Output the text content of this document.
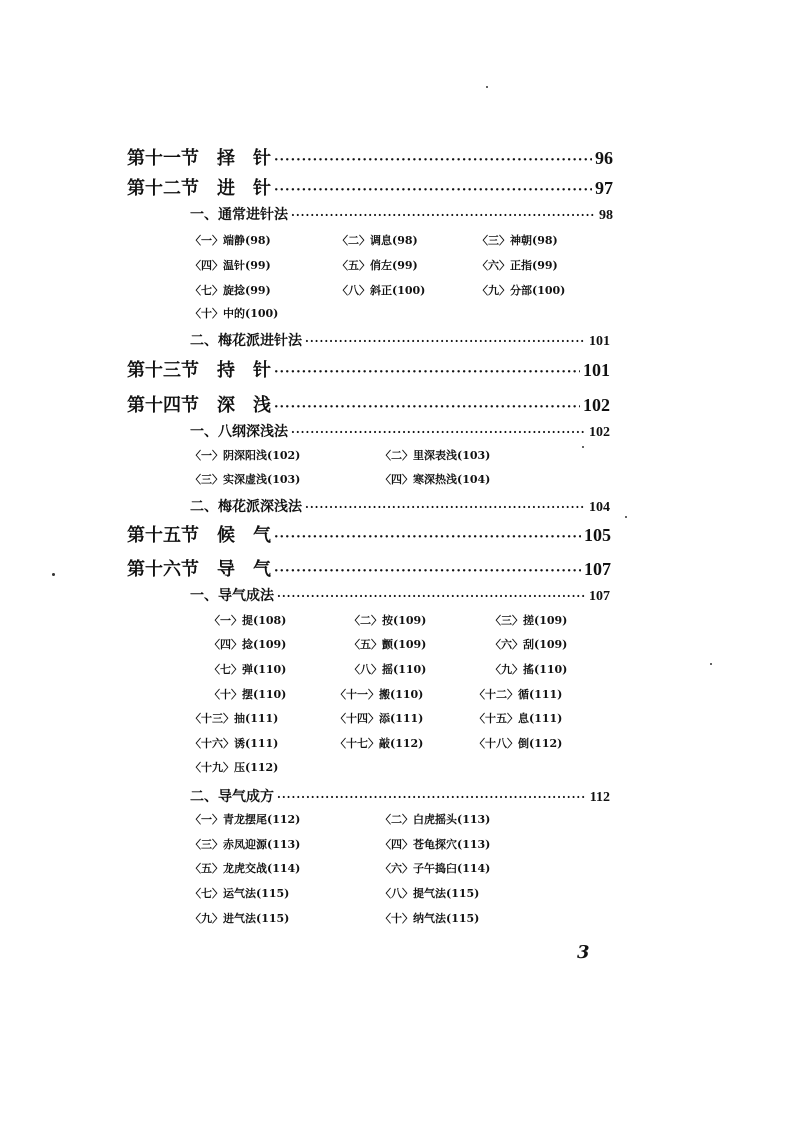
第十一节　择　针 ·····	96
第十二节　进　针 ·····	97
一、通常进针法 ·····	98
〈一〉端静(98)	〈二〉调息(98)	〈三〉神朝(98)
〈四〉温针(99)	〈五〉俏左(99)	〈六〉正指(99)
〈七〉旋捻(99)	〈八〉斜正(100)	〈九〉分部(100)
〈十〉中的(100)
二、梅花派进针法 ·····	101
第十三节　持　针 ·····	101
第十四节　深　浅 ·····	102
一、八纲深浅法 ·····	102
〈一〉阴深阳浅(102)	〈二〉里深表浅(103)
〈三〉实深虚浅(103)	〈四〉寒深热浅(104)
二、梅花派深浅法 ·····	104
第十五节　候　气 ·····	105
第十六节　导　气 ·····	107
一、导气成法 ·····	107
〈一〉提(108)	〈二〉按(109)	〈三〉搓(109)
〈四〉捻(109)	〈五〉颤(109)	〈六〉刮(109)
〈七〉弹(110)	〈八〉摇(110)	〈九〉搖(110)
〈十〉摆(110)	〈十一〉搬(110)	〈十二〉循(111)
〈十三〉抽(111)	〈十四〉添(111)	〈十五〉息(111)
〈十六〉诱(111)	〈十七〉敲(112)	〈十八〉倒(112)
〈十九〉压(112)
二、导气成方 ·····	112
〈一〉青龙摆尾(112)	〈二〉白虎摇头(113)
〈三〉赤凤迎源(113)	〈四〉苍龟探穴(113)
〈五〉龙虎交战(114)	〈六〉子午捣臼(114)
〈七〉运气法(115)	〈八〉提气法(115)
〈九〉进气法(115)	〈十〉纳气法(115)
3
